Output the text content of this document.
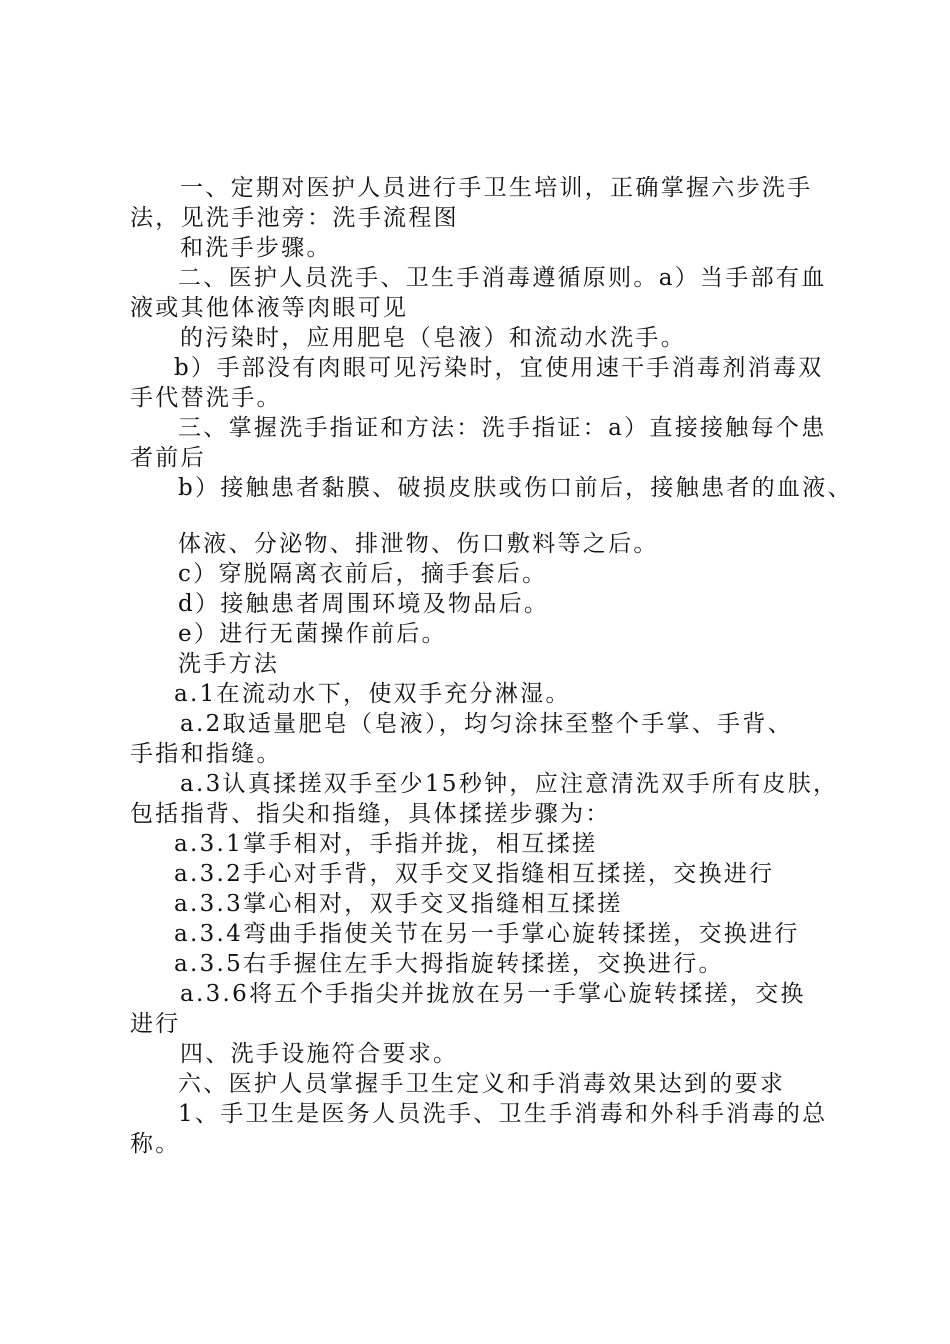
一、定期对医护人员进行手卫生培训，正确掌握六步洗手
法，见洗手池旁：洗手流程图
和洗手步骤。
二、医护人员洗手、卫生手消毒遵循原则。a）当手部有血
液或其他体液等肉眼可见
的污染时，应用肥皂（皂液）和流动水洗手。
b）手部没有肉眼可见污染时，宜使用速干手消毒剂消毒双
手代替洗手。
三、掌握洗手指证和方法：洗手指证：a）直接接触每个患
者前后
b）接触患者黏膜、破损皮肤或伤口前后，接触患者的血液、
体液、分泌物、排泄物、伤口敷料等之后。
c）穿脱隔离衣前后，摘手套后。
d）接触患者周围环境及物品后。
e）进行无菌操作前后。
洗手方法
a.1在流动水下，使双手充分淋湿。
a.2取适量肥皂（皂液），均匀涂抹至整个手掌、手背、
手指和指缝。
a.3认真揉搓双手至少15秒钟，应注意清洗双手所有皮肤，
包括指背、指尖和指缝，具体揉搓步骤为：
a.3.1掌手相对，手指并拢，相互揉搓
a.3.2手心对手背，双手交叉指缝相互揉搓，交换进行
a.3.3掌心相对，双手交叉指缝相互揉搓
a.3.4弯曲手指使关节在另一手掌心旋转揉搓，交换进行
a.3.5右手握住左手大拇指旋转揉搓，交换进行。
a.3.6将五个手指尖并拢放在另一手掌心旋转揉搓，交换
进行
四、洗手设施符合要求。
六、医护人员掌握手卫生定义和手消毒效果达到的要求
1、手卫生是医务人员洗手、卫生手消毒和外科手消毒的总
称。
